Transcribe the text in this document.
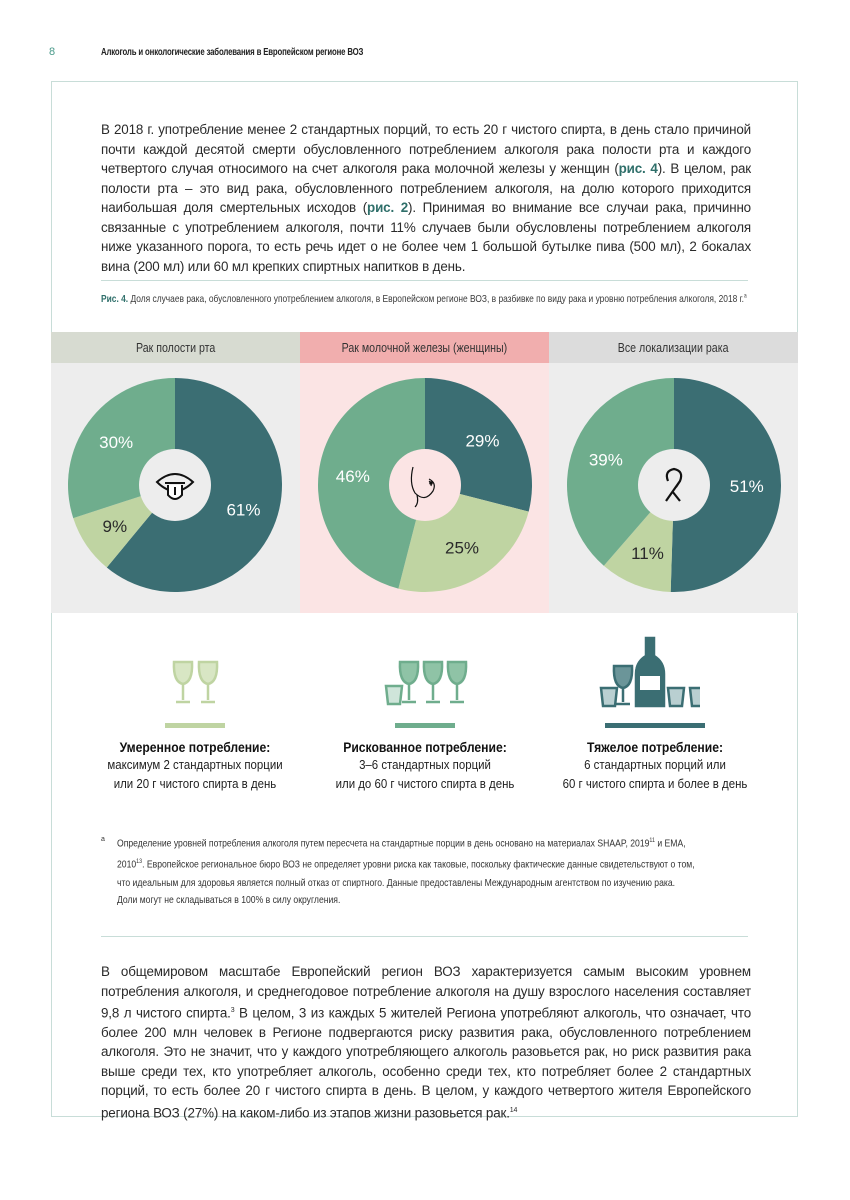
8	Алкоголь и онкологические заболевания в Европейском регионе ВОЗ

В 2018 г. употребление менее 2 стандартных порций, то есть 20 г чистого спирта, в день стало причиной почти каждой десятой смерти обусловленного потреблением алкоголя рака полости рта и каждого четвертого случая относимого на счет алкоголя рака молочной железы у женщин (рис. 4). В целом, рак полости рта – это вид рака, обусловленного потреблением алкоголя, на долю которого приходится наибольшая доля смертельных исходов (рис. 2). Принимая во внимание все случаи рака, причинно связанные с употреблением алкоголя, почти 11% случаев были обусловлены потреблением алкоголя ниже указанного порога, то есть речь идет о не более чем 1 большой бутылке пива (500 мл), 2 бокалах вина (200 мл) или 60 мл крепких спиртных напитков в день.

Рис. 4. Доля случаев рака, обусловленного употреблением алкоголя, в Европейском регионе ВОЗ, в разбивке по виду рака и уровню потребления алкоголя, 2018 г.$^a$
Рак полости рта	Рак молочной железы (женщины)	Все локализации рака
61%
9%
30%	29%
25%
46%
51%
11%
39%
Умеренное потребление:
максимум 2 стандартных порции
или 20 г чистого спирта в день
Рискованное потребление:
3–6 стандартных порций
или до 60 г чистого спирта в день
Тяжелое потребление:
6 стандартных порций или
60 г чистого спирта и более в день
a Определение уровней потребления алкоголя путем пересчета на стандартные порции в день основано на материалах SHAAP, 2019$^{11}$ и EMA, 2010$^{13}$. Европейское региональное бюро ВОЗ не определяет уровни риска как таковые, поскольку фактические данные свидетельствуют о том, что идеальным для здоровья является полный отказ от спиртного. Данные предоставлены Международным агентством по изучению рака.
Доли могут не складываться в 100% в силу округления.

В общемировом масштабе Европейский регион ВОЗ характеризуется самым высоким уровнем потребления алкоголя, и среднегодовое потребление алкоголя на душу взрослого населения составляет 9,8 л чистого спирта.$^3$ В целом, 3 из каждых 5 жителей Региона употребляют алкоголь, что означает, что более 200 млн человек в Регионе подвергаются риску развития рака, обусловленного потреблением алкоголя. Это не значит, что у каждого употребляющего алкоголь разовьется рак, но риск развития рака выше среди тех, кто употребляет алкоголь, особенно среди тех, кто потребляет более 2 стандартных порций, то есть более 20 г чистого спирта в день. В целом, у каждого четвертого жителя Европейского региона ВОЗ (27%) на каком-либо из этапов жизни разовьется рак.$^{14}$
